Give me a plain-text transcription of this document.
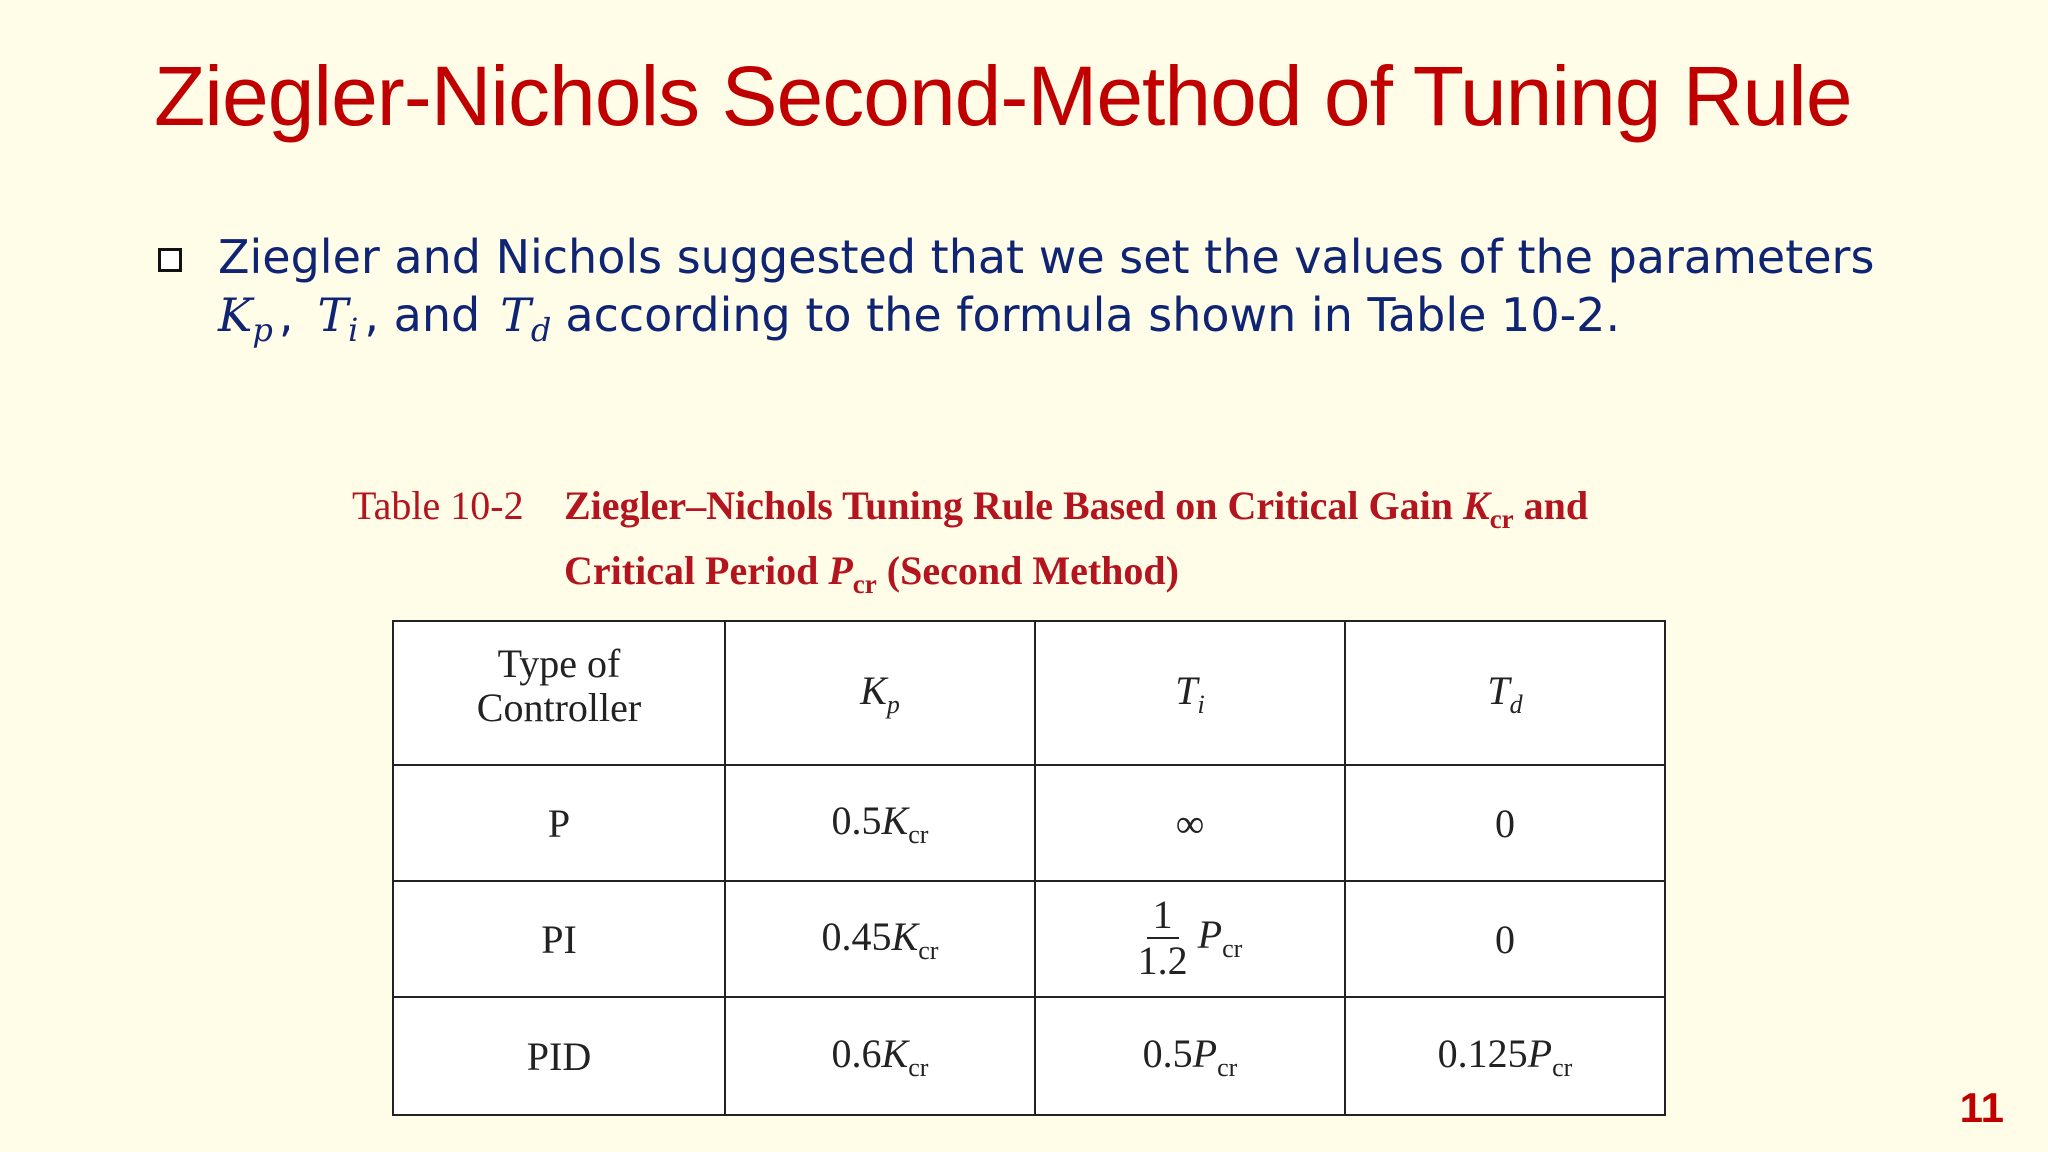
Ziegler-Nichols Second-Method of Tuning Rule
Ziegler and Nichols suggested that we set the values of the parameters
$K_p$ , $T_i$ , and $T_d$ according to the formula shown in Table 10-2.
Table 10-2 Ziegler–Nichols Tuning Rule Based on Critical Gain $K_{cr}$ and
Critical Period $P_{cr}$ (Second Method)
Type of
Controller	$K_p$	$T_i$	$T_d$
P	$0.5K_{cr}$	∞	0
PI	$0.45K_{cr}$	$\frac{1}{1.2} P_{cr}$	0
PID	$0.6K_{cr}$	$0.5P_{cr}$	$0.125P_{cr}$
11
